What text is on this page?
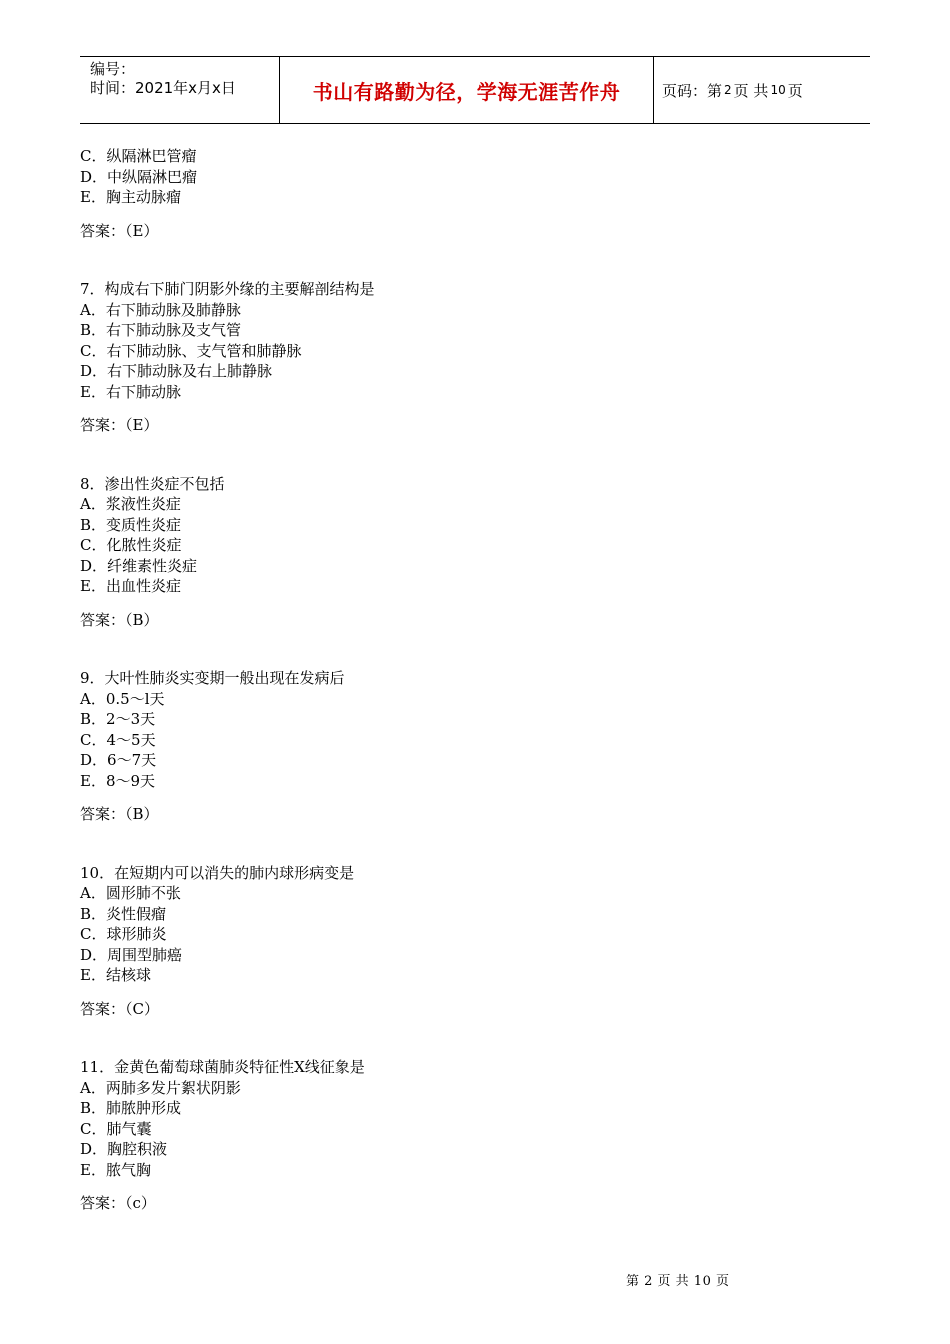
编号：
时间：2021年x月x日	书山有路勤为径，学海无涯苦作舟	页码：第 2 页 共 10 页

C．纵隔淋巴管瘤

D．中纵隔淋巴瘤

E．胸主动脉瘤

答案：（E）

7．构成右下肺门阴影外缘的主要解剖结构是

A．右下肺动脉及肺静脉

B．右下肺动脉及支气管

C．右下肺动脉、支气管和肺静脉

D．右下肺动脉及右上肺静脉

E．右下肺动脉

答案：（E）

8．渗出性炎症不包括

A．浆液性炎症

B．变质性炎症

C．化脓性炎症

D．纤维素性炎症

E．出血性炎症

答案：（B）

9．大叶性肺炎实变期一般出现在发病后

A．0.5～l天

B．2～3天

C．4～5天

D．6～7天

E．8～9天

答案：（B）

10．在短期内可以消失的肺内球形病变是

A．圆形肺不张

B．炎性假瘤

C．球形肺炎

D．周围型肺癌

E．结核球

答案：（C）

11．金黄色葡萄球菌肺炎特征性X线征象是

A．两肺多发片絮状阴影

B．肺脓肿形成

C．肺气囊

D．胸腔积液

E．脓气胸

答案：（c）

第 2 页 共 10 页
